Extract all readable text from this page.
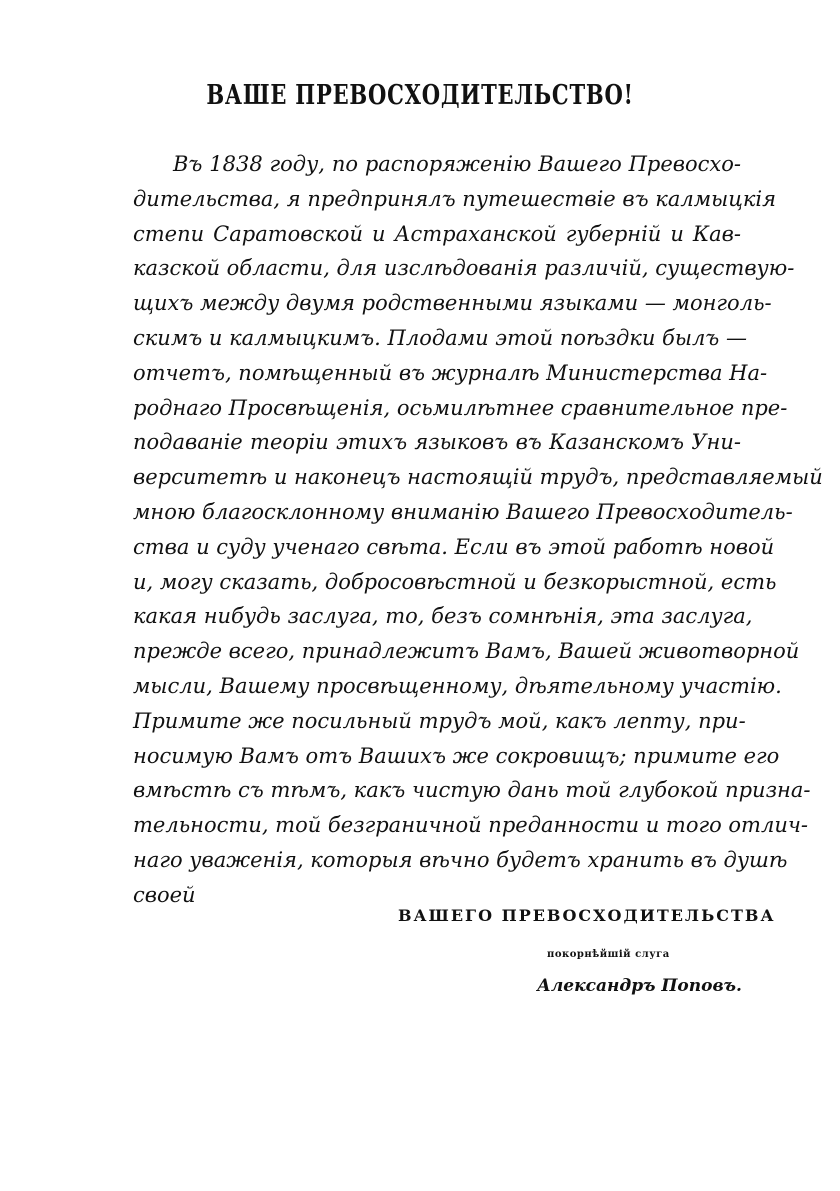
ВАШЕ ПРЕВОСХОДИТЕЛЬСТВО!
Въ 1838 году, по распоряженію Вашего Превосхо-
дительства, я предпринялъ путешествіе въ калмыцкія
степи Саратовской и Астраханской губерній и Кав-
казской области, для изслѣдованія различій, существую-
щихъ между двумя родственными языками — монголь-
скимъ и калмыцкимъ. Плодами этой поѣздки былъ —
отчетъ, помѣщенный въ журналѣ Министерства На-
роднаго Просвѣщенія, осьмилѣтнее сравнительное пре-
подаваніе теоріи этихъ языковъ въ Казанскомъ Уни-
верситетѣ и наконецъ настоящій трудъ, представляемый
мною благосклонному вниманію Вашего Превосходитель-
ства и суду ученаго свѣта. Если въ этой работѣ новой
и, могу сказать, добросовѣстной и безкорыстной, есть
какая нибудь заслуга, то, безъ сомнѣнія, эта заслуга,
прежде всего, принадлежитъ Вамъ, Вашей животворной
мысли, Вашему просвѣщенному, дѣятельному участію.
Примите же посильный трудъ мой, какъ лепту, при-
носимую Вамъ отъ Вашихъ же сокровищъ; примите его
вмѣстѣ съ тѣмъ, какъ чистую дань той глубокой призна-
тельности, той безграничной преданности и того отлич-
наго уваженія, которыя вѣчно будетъ хранить въ душѣ
своей

ВАШЕГО ПРЕВОСХОДИТЕЛЬСТВА

покорнѣйшій слуга

Александръ Поповъ.
